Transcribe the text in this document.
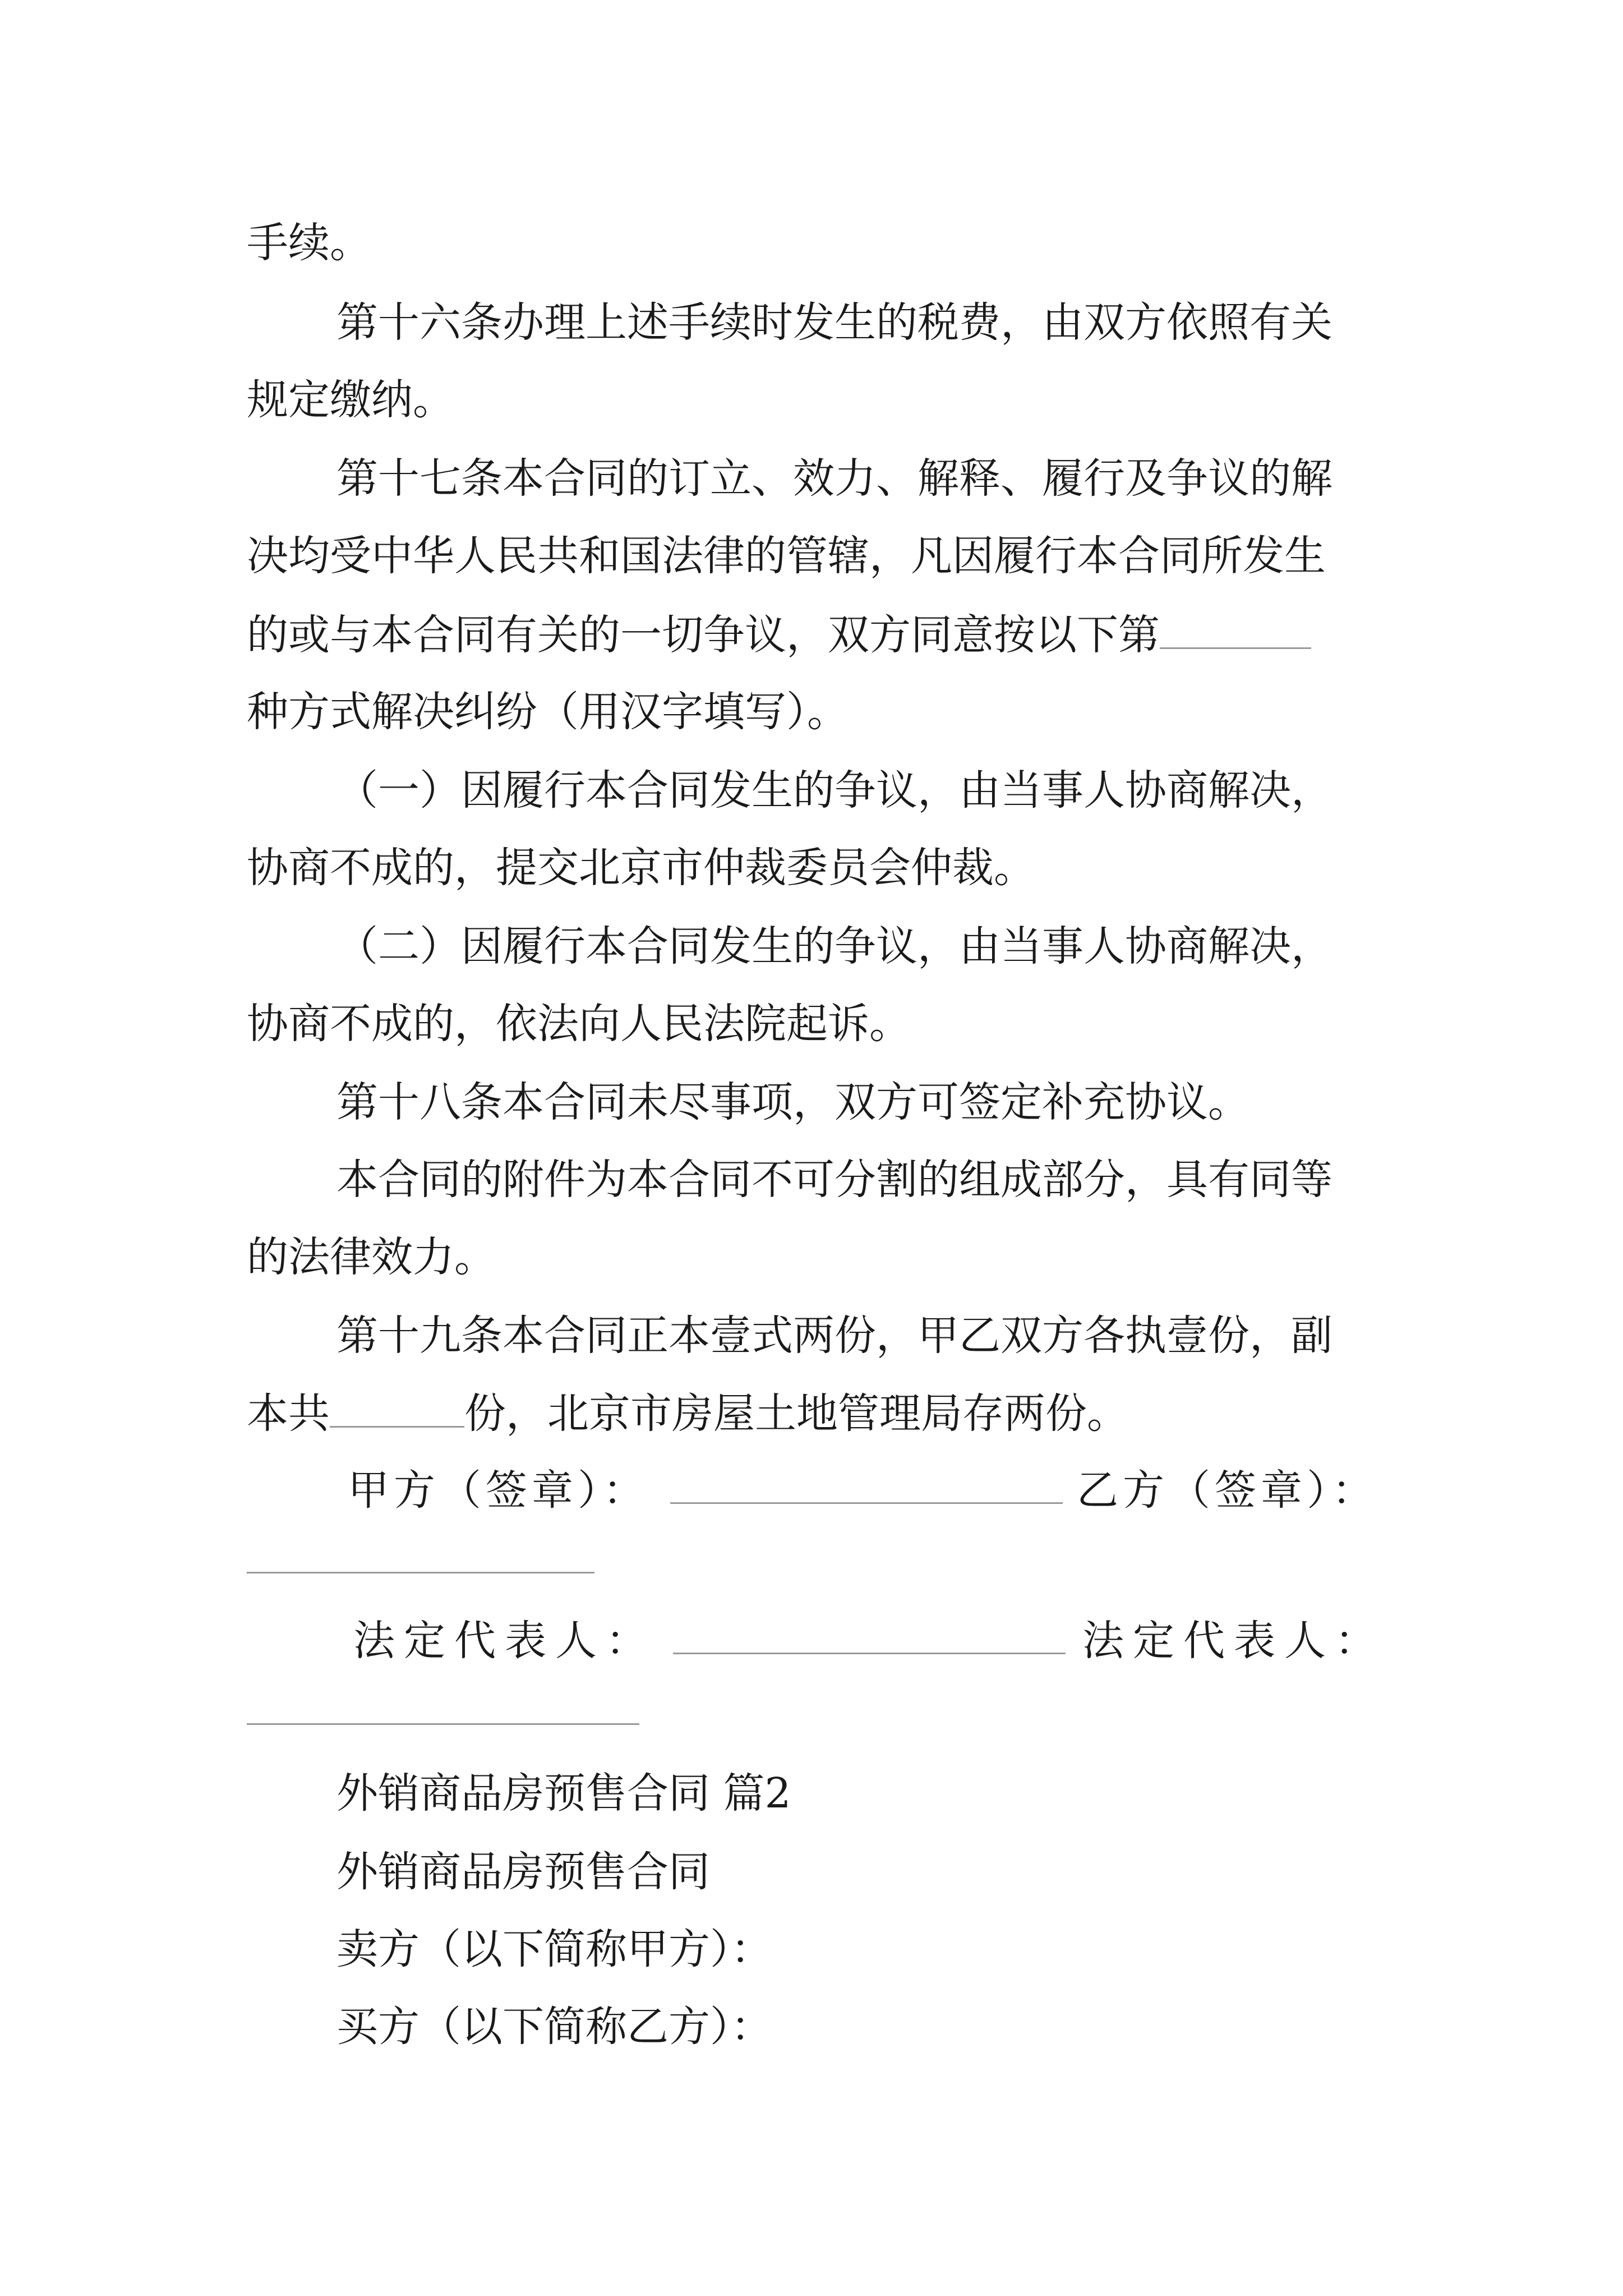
手续。
第十六条办理上述手续时发生的税费，由双方依照有关
规定缴纳。
第十七条本合同的订立、效力、解释、履行及争议的解
决均受中华人民共和国法律的管辖，凡因履行本合同所发生
的或与本合同有关的一切争议，双方同意按以下第
种方式解决纠纷（用汉字填写）。
（一）因履行本合同发生的争议，由当事人协商解决，
协商不成的，提交北京市仲裁委员会仲裁。
（二）因履行本合同发生的争议，由当事人协商解决，
协商不成的，依法向人民法院起诉。
第十八条本合同未尽事项，双方可签定补充协议。
本合同的附件为本合同不可分割的组成部分，具有同等
的法律效力。
第十九条本合同正本壹式两份，甲乙双方各执壹份，副
本共	份，北京市房屋土地管理局存两份。
甲方（签章）：	乙方（签章）：
法定代表人：	法定代表人：
外销商品房预售合同 篇2
外销商品房预售合同
卖方（以下简称甲方）：
买方（以下简称乙方）：
